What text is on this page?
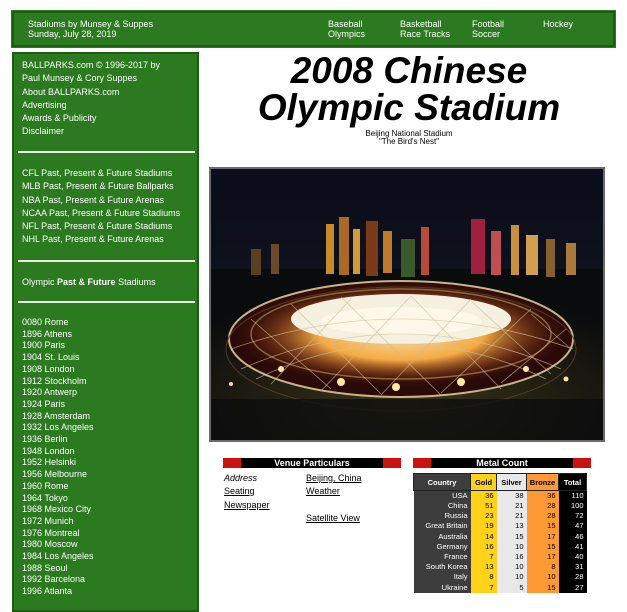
Stadiums by Munsey & Suppes
Sunday, July 28, 2019
Baseball
Olympics
Basketball
Race Tracks
Football
Soccer
Hockey
BALLPARKS.com © 1996-2017 by
Paul Munsey & Cory Suppes
About BALLPARKS.com
Advertising
Awards & Publicity
Disclaimer
CFL Past, Present & Future Stadiums
MLB Past, Present & Future Ballparks
NBA Past, Present & Future Arenas
NCAA Past, Present & Future Stadiums
NFL Past, Present & Future Stadiums
NHL Past, Present & Future Arenas
Olympic Past & Future Stadiums
0080 Rome
1896 Athens
1900 Paris
1904 St. Louis
1908 London
1912 Stockholm
1920 Antwerp
1924 Paris
1928 Amsterdam
1932 Los Angeles
1936 Berlin
1948 London
1952 Helsinki
1956 Melbourne
1960 Rome
1964 Tokyo
1968 Mexico City
1972 Munich
1976 Montreal
1980 Moscow
1984 Los Angeles
1988 Seoul
1992 Barcelona
1996 Atlanta
2008 Chinese
Olympic Stadium
Beijing National Stadium
"The Bird's Nest"
Venue Particulars
Address	Beijing, China
Seating	Weather
Newspaper
Satellite View
Metal Count
Country	Gold	Silver	Bronze	Total
USA	36	38	36	110
China	51	21	28	100
Russia	23	21	28	72
Great Britain	19	13	15	47
Australia	14	15	17	46
Germany	16	10	15	41
France	7	16	17	40
South Korea	13	10	8	31
Italy	8	10	10	28
Ukraine	7	5	15	27
